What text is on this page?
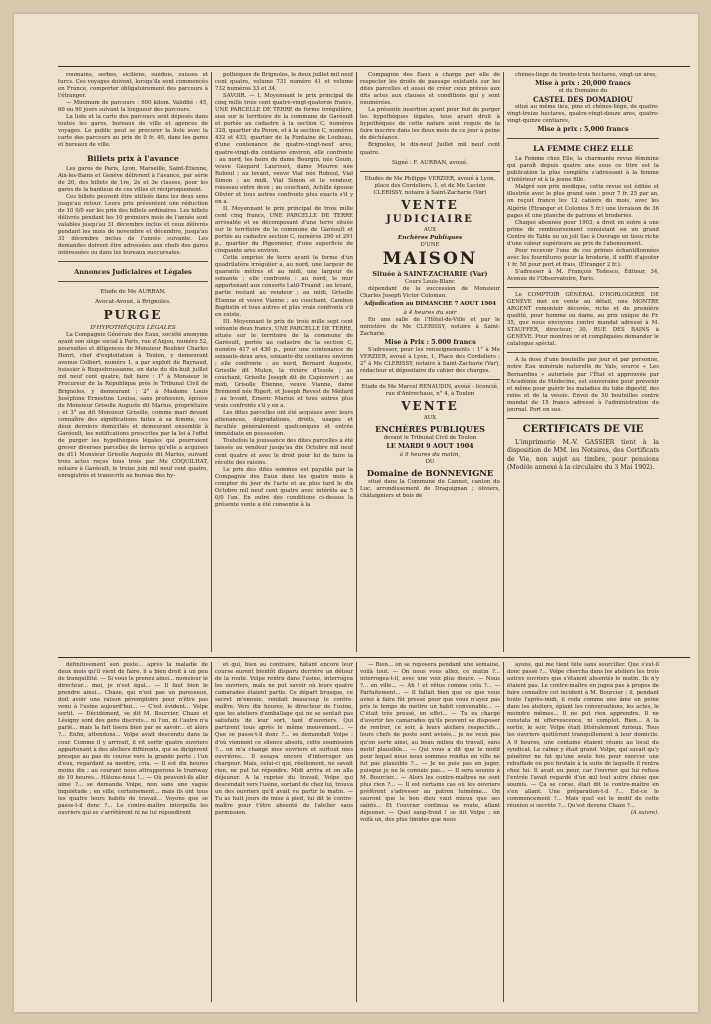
roumains, serbes, siciliens, suédois, suisses et turcs. Ces voyages doivent, lorsqu'ils sont commencés en France, comporter obligatoirement des parcours à l'étranger.

— Minimum de parcours : 600 kilom. Validité : 45, 60 ou 90 jours suivant la longueur des parcours.

La liste et la carte des parcours sont déposés dans toutes les gares, bureaux de ville et agences de voyages. Le public peut se procurer la liste avec la carte des parcours au prix de 0 fr. 40, dans les gares et bureaux de ville.

Billets prix à l'avance

Les gares de Paris, Lyon, Marseille, Saint-Étienne, Aix-les-Bains et Genève délivrent à l'avance, par série de 20, des billets de 1re, 2e et 3e classes, pour les gares de la banlieue de ces villes et réciproquement.

Ces billets peuvent être utilisés dans les deux sens jusqu'au retour. Leurs prix présentent une réduction de 10 0/0 sur les prix des billets ordinaires. Les billets délivrés pendant les 10 premiers mois de l'année sont valables jusqu'au 31 décembre inclus et ceux délivrés pendant les mois de novembre et décembre, jusqu'au 31 décembre inclus de l'année suivante. Les demandes doivent être adressées aux chefs des gares intéressées ou dans les bureaux succursales.

Annonces Judiciaires et Légales
Etude de Me AURRAN,
Avocat-Avoué, à Brignoles.
PURGE
D'HYPOTHÈQUES LÉGALES

La Compagnie Générale des Eaux, société anonyme ayant son siège social à Paris, rue d'Anjou, numéro 52, poursuites et diligences de Monsieur Roubier Charles Henri, chef d'exploitation à Toulon, y demeurant avenue Colbert, numéro 1, a par exploit de Raynaud, huissier à Roquebrussanne, en date du dix-huit juillet mil neuf cent quatre, fait faire : 1° à Monsieur le Procureur de la République près le Tribunal Civil de Brignoles, y demeurant ; 2° à Madame Louis Joséphine Ernestine Louisa, sans profession, épouse de Monsieur Grisolle Auguste dit Marius, propriétaire ; et 3° au dit Monsieur Grisolle, comme mari devant connaître des significations faites à sa femme, ces deux derniers domiciliés et demeurant ensemble à Garéoult, les notifications prescrites par la loi à l'effet de purger les hypothèques légales qui pourraient grever diverses parcelles de terres qu'elle a acquises de d11 Monsieur Grisolle Auguste dit Marius, suivant trois actes reçus tous trois par Me COQUILHAT, notaire à Garéoult, le treize juin mil neuf cent quatre, enregistrés et transcrits au bureau des hy-

pothèques de Brignoles, le deux juillet mil neuf cent quatre, volume 731 numéro 41 et volume 732 numéros 33 et 34.

SAVOIR. — I. Moyennant le prix principal de cinq mille trois cent quatre-vingt-quatorze francs, UNE PARCELLE DE TERRE de forme irrégulière, sise sur le territoire de la commune de Garéoult et portée au cadastre à la section C, numéros 328, quartier du Peron, et à la section C, numéros 432 et 433, quartier de la Fontaine de Loubeau, d'une contenance de quatre-vingt-neuf ares, quatre-vingt-dix centiares environ, elle confronte : au nord, les hoirs de dame Bourgin, née Gouin, veuve Gaspard Laurouet, dame Mourre née Roboul ; au levant, veuve Vial née Roboul, Vial Simon ; au midi, Vial Simon et le vendeur, ruisseau entre deux ; au couchant, Achille épouse Olivier et tous autres confronts plus exacts s'il y en a.

II. Moyennant le prix principal de trois mille cent cinq francs, UNE PARCELLE DE TERRE arrosable et se décomposant d'une terre située sur le territoire de la commune de Garéoult et portée au cadastre section C, numéros 290 et 291 p., quartier du Pigeonnier, d'une superficie de cinquante ares environ.

Cette emprise de terre ayant la forme d'un quadrilatère irrégulier a, au nord, une largeur de quarante mètres et au midi, une largeur de soixante ; elle confronte : au nord, le mur appartenant aux consorts Latil-Truand ; au levant, partie restant au vendeur ; au midi, Grisolle Étienne et veuve Vianne ; au couchant, Cambon Baptistin et tous autres et plus vrais confronts s'il en existe.

III. Moyennant le prix de trois mille sept cent soixante deux francs, UNE PARCELLE DE TERRE, située sur le territoire de la commune de Garéoult, portée au cadastre de la section C, numéro 417 et 430 p., pour une contenance de soixante-deux ares, soixante-dix centiares environ ; elle confronte : au nord, Bernard Auguste, Grisolle dit Mulon, la rivière d'Issole ; au couchant, Grisolle Joseph dit de Capienvert ; au midi, Grisolle Étienne, veuve Vianne, dame Brémond née Rigert, et Joseph Revest de Médard ; au levant, Emeric Marius et tous autres plus vrais confronts s'il y en a.

Les dites parcelles ont été acquises avec leurs attenances, dégradations, droits, usages et facultés généralement quelconques et entrée immédiate en possession.

Toutefois la jouissance des dites parcelles a été laissée au vendeur jusqu'au dix Octobre mil neuf cent quatre et avec le droit pour lui de faire la récolte des raisins.

Le prix des dites sommes est payable par la Compagnie des Eaux dans les quatre mois à compter du jour de l'acte et au plus tard le dix Octobre mil neuf cent quatre avec intérêts au 5 0/0 l'an. En outre des conditions ci-dessus la présente vente a été consentie à la

Compagnie des Eaux à charge par elle de respecter les droits de passage existants sur les dites parcelles et aussi de créer ceux prévus aux dits actes aux clauses et conditions qui y sont énumérées.

La présente insertion ayant pour but de purger les hypothèques légales, tous ayant droit à hypothèques de cette nature sont requis de la faire inscrire dans les deux mois de ce jour à peine de déchéance.

Brignoles, le dix-neuf Juillet mil neuf cent quatre.

Signé : F. AURRAN, avoué.
Etudes de Me Philippe VERZIER, avoué à Lyon, place des Cordeliers, 1, et de Me Lucien CLERISSY, notaire à Saint-Zacharie (Var)
VENTE
JUDICIAIRE
AUX
Enchères Publiques
D'UNE
MAISON
Située à SAINT-ZACHARIE (Var)
Cours Louis-Blanc

dépendant de la succession de Monsieur Charles Joseph Victor Coloman.

Adjudication au DIMANCHE 7 AOUT 1904
à 4 heures du soir

En une salle de l'Hôtel-de-Ville et par le ministère de Me CLERISSY, notaire à Saint-Zacharie.

Mise à Prix : 5.000 francs

S'adresser, pour les renseignements : 1° à Me VERZIER, avoué à Lyon, 1, Place des Cordeliers ; 2° à Me CLERISSY, notaire à Saint-Zacharie (Var), rédacteur et dépositaire du cahier des charges.

Etude de Me Marcel RENAUDIN, avoué - licencié, rue d'Antrechaus, n° 4, à Toulon
VENTE
AUX
ENCHÈRES PUBLIQUES
devant le Tribunal Civil de Toulon
LE MARDI 9 AOUT 1904
à 9 heures du matin,
DU
Domaine de BONNEVIGNE

situé dans la Commune du Cannet, canton du Luc, arrondissement de Draguignan ; oliviers, châtaigniers et bois de

chênes-liège de trente-trois hectares, vingt-un ares,

Mise à prix : 20,000 francs
et du Domaine du
CASTEL DES DOMADIOU

situé au même lieu, pins et chênes-liège, de quatre-vingt-treize hectares, quatre-vingt-douze ares, quatre-vingt-quinze centiares,

Mise à prix : 5,000 francs
LA FEMME CHEZ ELLE

La Femme chez Elle, la charmante revue féminine qui paraît depuis quatre ans sous ce titre est la publication la plus complète s'adressant à la femme d'intérieur et à la jeune fille.

Malgré son prix modique, cette revue est éditée et illustrée avec le plus grand soin : pour 7 fr. 25 par an, on reçoit franco les 12 cahiers du mois, avec les Algérie (Étranger et Colonies 5 fr.) une livraison de 36 pages et une planche de patrons et broderies.

Chaque abonnée pour 1903, a droit en outre à une prime de remboursement consistant en un grand Centre de Table ou un joli Sac à Ouvrage en tissu riche d'une valeur supérieure au prix de l'abonnement.

Pour recevoir l'une de ces primes échantillonnées avec les fournitures pour la broderie, il suffit d'ajouter 1 fr. 50 pour port et frais, (Étranger 2 fr.).

S'adresser à M. François Tedesco, Éditeur, 34, Avenue de l'Observatoire, Paris.

Le COMPTOIR GÉNÉRAL D'HORLOGERIE DE GENÈVE met en vente au détail, une MONTRE ARGENT remontoir décorée, riche et de première qualité, pour homme ou dame, au prix unique de Fr. 35, que nous envoyons contre mandat adressé à M. STAUFFER, directeur, 30, RUE DES BAINS à GENÈVE. Pour montres or et compliquées demander le catalogue spécial.

A la dose d'une bouteille par jour et par personne, notre Eau minérale naturelle de Vals, source « Les Bernardins » autorisée par l'État et approuvée par l'Académie de Médecine, est souveraine pour prévenir et même pour guérir les maladies du tube digestif, des reins et de la vessie. Envoi de 50 bouteilles contre mandat de 15 francs adressé à l'administration du journal. Port en sus.

CERTIFICATS DE VIE

L'imprimerie M.-V. GASSIER tient à la disposition de MM. les Notaires, des Certificats de Vie, non sujet au timbre, pour pensions (Modèle annexé à la circulaire du 3 Mai 1902).

définitivement son poste... après la maladie de deux mois qu'il vient de faire, il a bien droit à un peu de tranquillité. — Si vous le prenez ainsi... monsieur le directeur... moi, je n'est égal... — Il faut bien le prendre ainsi... Chaze, qui n'est pas un paresseux, doit avoir une raison péremptoire pour n'être pas venu à l'usine aujourd'hui... — C'est évident... Volpe sortit. — Décidément, se dit M. Bourcier, Chaze et Lésigny sont des gens discrets... ni l'un, ni l'autre n'a parlé... mais la fait lisera bien par se savoir... et alors ?... Enfin, attendons... Volpe avait descendu dans la cour. Comme il y arrivait, il vit sortir quatre ouvriers appartenant à des ateliers différents, qui se dirigèrent presque au pas de course vers la grande porte ; l'un d'eux, regardant sa montre, cria. — Il est dix heures moins dix ; au courant nous attrapperons le tramway de 10 heures... Hâtons-nous !... — Où peuvent-ils aller ainsi ?... se demanda Volpe, non sans une vague inquiétude ; en ville, certainement... mais ils ont tous les quatre leurs habits de travail... Voyons que se passe-t-il donc ?... Le contre-maître interpella les ouvriers qui se s'arrêtèrent ni ne lui répondirent

et qui, bien au contraire, hâtant encore leur course eurent bientôt disparu derrière un détour de la route. Volpe rentra dans l'usine, interrogea les ouvriers, mais ne put savoir où leurs quatre camarades étaient partis. Ce départ brusque, ce secret m'ennuie, rendait beaucoup le contre-maître. Vers dix heures, le directeur de l'usine, que les ateliers d'emballage qui ne se sentait pas satisfaits de leur sort, tant d'ouvriers. Qui partirent tous après le même mouvement... — Que se passe-t-il donc ?... se demandait Volpe : d'où viennent ce silence absolu, cette soumission ?... on m'a changé mes ouvriers et surtout mes ouvrières... Il essaya encore d'interroger un chargeur. Mais, celui-ci qui, réellement, ne savait rien, ne put lui répondre. Midi arriva et on alla déjeuner. A la reprise du travail, Volpe qui descendait vers l'usine, sortant de chez lui, trouva un des ouvriers qu'il avait vu partir le matin. — Tu as huit jours de mise à pied, lui dit le contre-maître pour t'être absenté de l'atelier sans permission.

— Bien... on se reposera pendant une semaine, voilà tout. — On nous vous allez, ce matin ?... interrogea-t-il, avec une voix plus douce. — Nous ?... en ville... — Ah ! et vêtus comme cela ?... — Parfaitement... — Il fallait bien que ce que vous aviez à faire fût pressé pour que vous n'ayez pas pris le temps de mettre un habit convenable... — C'était très pressé, en effet... — Tu es chargé d'avertir tes camarades qu'ils peuvent se disposer de rentrer, ce soir, à leurs ateliers respectifs... leurs chefs de poste sont avisés... je ne veux pas qu'on sorte ainsi, au beau milieu du travail, sans motif plausible... — Qui vous a dit que le motif pour lequel nous nous sommes rendus en ville ne fut pas plausible ?... — Je ne puis pas en juger, puisque je ne le connais pas... — Il sera soumis à M. Bourcier... — Alors les contre-maîtres ne sont plus rien ?... — Il est certains cas où les ouvriers préfèrent s'adresser au patron luimême... On sauront que le bon dieu vaut mieux que ses saints... Et l'ouvrier continua sa route, allant déjeuner. — Quel sang-froid ! se dit Volpe ; en voilà un, des plus timides que nous

ayons, qui me tient tête sans sourciller. Que s'est-il donc passé ?... Volpe chercha dans les ateliers les trois autres ouvriers que s'étaient absentés le matin. Ils n'y étaient pas. Le contre-maître en jugea pas à propos de faire connaître cet incident à M. Bourcier ; il, pendant toute l'après-midi, il roda comme une âme en peine dans les ateliers, épiant les conversations, les actes, le moindre mêmes... Il ne put rien apprendre. Il ne constata ni effervescence, ni complot. Rien... A la sortie, le soir, Volpe était littéralement furieux. Tous les ouvriers quittèrent tranquillement à leur domicile. A 9 heures, une centaine étaient réunis au local du syndicat. Le calme y était grand. Volpe, qui savait qu'y pénétrer ne fut qu'une seule fois pour exercer une rebuffade ou peu brutale à la suite de laquelle il rentra chez lui. Il avait eu peur, car l'ouvrier qui lui refusa l'entrée l'avait regardé d'un œil tout autre chose que soumis. — Ça se corse, était dit le contre-maître en s'en allant. Une préparation-t-il ?... Est-ce le commencement ?... Mais quel est le motif de cette réunion si secrète ?... Qu'est devenu Chaze ?...

(A suivre).
